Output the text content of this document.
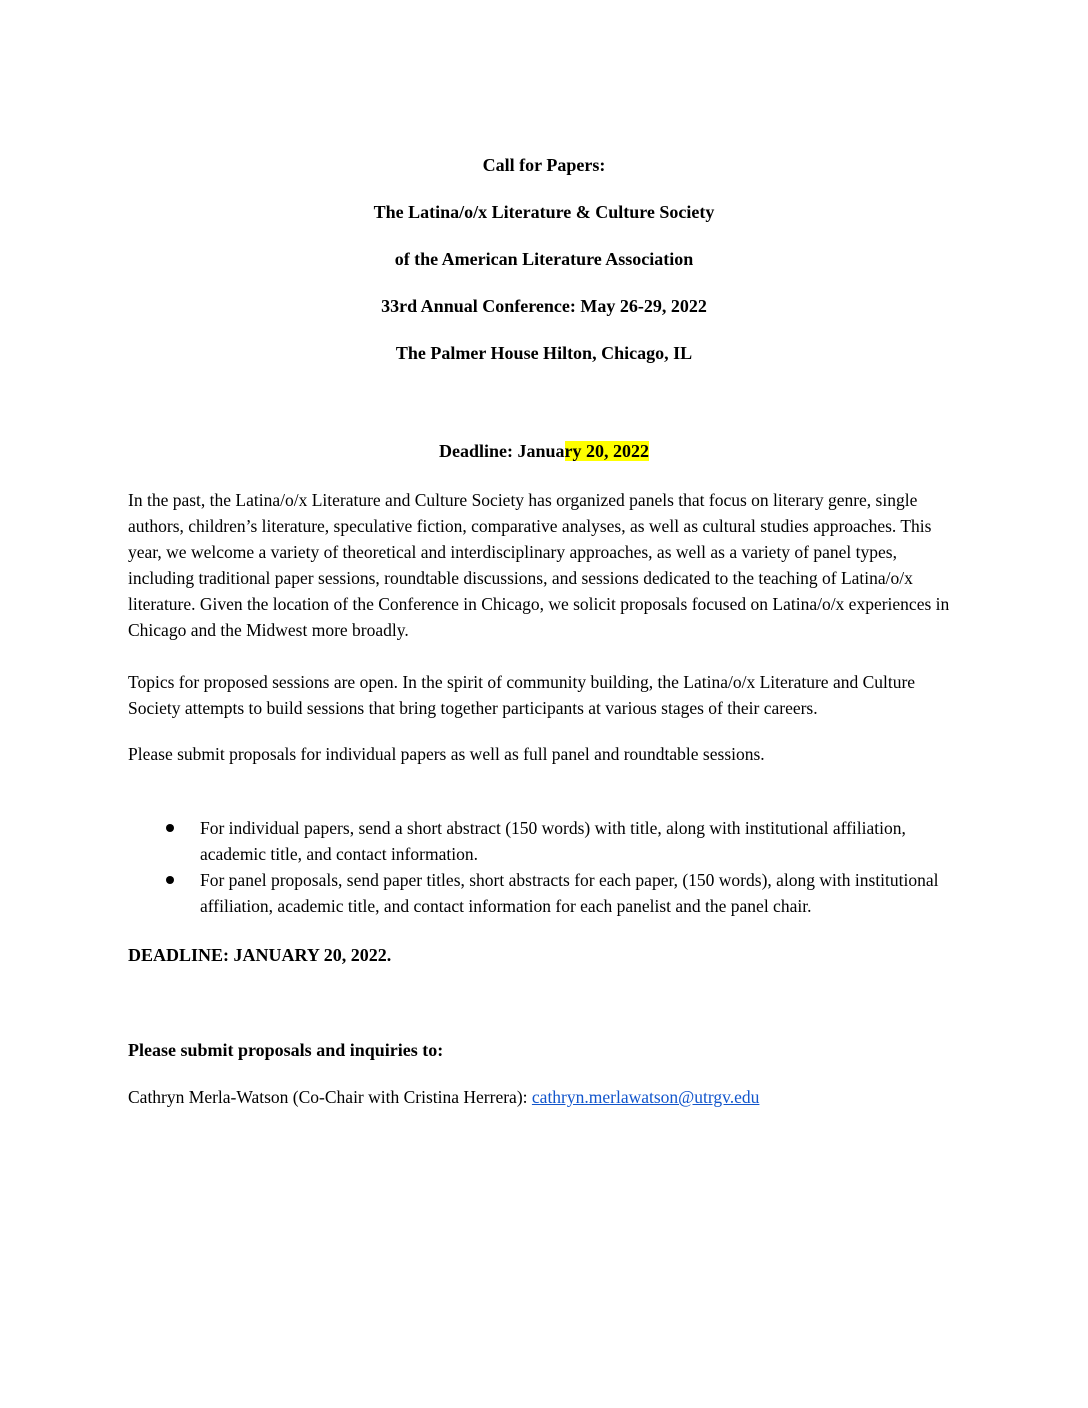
Call for Papers:

The Latina/o/x Literature & Culture Society

of the American Literature Association

33rd Annual Conference: May 26-29, 2022

The Palmer House Hilton, Chicago, IL

Deadline: January 20, 2022

In the past, the Latina/o/x Literature and Culture Society has organized panels that focus on literary genre, single authors, children’s literature, speculative fiction, comparative analyses, as well as cultural studies approaches. This year, we welcome a variety of theoretical and interdisciplinary approaches, as well as a variety of panel types, including traditional paper sessions, roundtable discussions, and sessions dedicated to the teaching of Latina/o/x literature. Given the location of the Conference in Chicago, we solicit proposals focused on Latina/o/x experiences in Chicago and the Midwest more broadly.

Topics for proposed sessions are open. In the spirit of community building, the Latina/o/x Literature and Culture Society attempts to build sessions that bring together participants at various stages of their careers.

Please submit proposals for individual papers as well as full panel and roundtable sessions.

For individual papers, send a short abstract (150 words) with title, along with institutional affiliation, academic title, and contact information.
For panel proposals, send paper titles, short abstracts for each paper, (150 words), along with institutional affiliation, academic title, and contact information for each panelist and the panel chair.

DEADLINE: JANUARY 20, 2022.

Please submit proposals and inquiries to:

Cathryn Merla-Watson (Co-Chair with Cristina Herrera): cathryn.merlawatson@utrgv.edu
